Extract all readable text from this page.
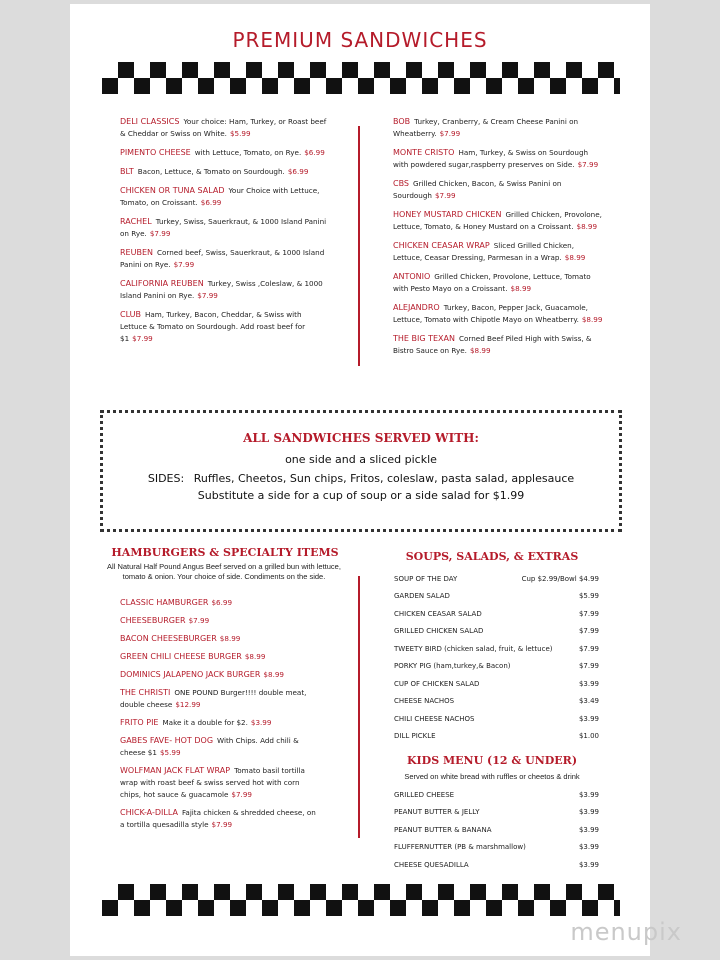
PREMIUM SANDWICHES
DELI CLASSICS Your choice: Ham, Turkey, or Roast beef & Cheddar or Swiss on White. $5.99
PIMENTO CHEESE with Lettuce, Tomato, on Rye. $6.99
BLT Bacon, Lettuce, & Tomato on Sourdough. $6.99
CHICKEN OR TUNA SALAD Your Choice with Lettuce, Tomato, on Croissant. $6.99
RACHEL Turkey, Swiss, Sauerkraut, & 1000 Island Panini on Rye. $7.99
REUBEN Corned beef, Swiss, Sauerkraut, & 1000 Island Panini on Rye. $7.99
CALIFORNIA REUBEN Turkey, Swiss ,Coleslaw, & 1000 Island Panini on Rye. $7.99
CLUB Ham, Turkey, Bacon, Cheddar, & Swiss with Lettuce & Tomato on Sourdough. Add roast beef for $1 $7.99
BOB Turkey, Cranberry, & Cream Cheese Panini on Wheatberry. $7.99
MONTE CRISTO Ham, Turkey, & Swiss on Sourdough with powdered sugar,raspberry preserves on Side. $7.99
CBS Grilled Chicken, Bacon, & Swiss Panini on Sourdough $7.99
HONEY MUSTARD CHICKEN Grilled Chicken, Provolone, Lettuce, Tomato, & Honey Mustard on a Croissant. $8.99
CHICKEN CEASAR WRAP Sliced Grilled Chicken, Lettuce, Ceasar Dressing, Parmesan in a Wrap. $8.99
ANTONIO Grilled Chicken, Provolone, Lettuce, Tomato with Pesto Mayo on a Croissant. $8.99
ALEJANDRO Turkey, Bacon, Pepper Jack, Guacamole, Lettuce, Tomato with Chipotle Mayo on Wheatberry. $8.99
THE BIG TEXAN Corned Beef Piled High with Swiss, & Bistro Sauce on Rye. $8.99
ALL SANDWICHES SERVED WITH:
one side and a sliced pickle
SIDES: Ruffles, Cheetos, Sun chips, Fritos, coleslaw, pasta salad, applesauce
Substitute a side for a cup of soup or a side salad for $1.99
HAMBURGERS & SPECIALTY ITEMS
All Natural Half Pound Angus Beef served on a grilled bun with lettuce, tomato & onion. Your choice of side. Condiments on the side.
CLASSIC HAMBURGER $6.99
CHEESEBURGER $7.99
BACON CHEESEBURGER $8.99
GREEN CHILI CHEESE BURGER $8.99
DOMINICS JALAPENO JACK BURGER $8.99
THE CHRISTI ONE POUND Burger!!!! double meat, double cheese $12.99
FRITO PIE Make it a double for $2. $3.99
GABES FAVE- HOT DOG With Chips. Add chili & cheese $1 $5.99
WOLFMAN JACK FLAT WRAP Tomato basil tortilla wrap with roast beef & swiss served hot with corn chips, hot sauce & guacamole $7.99
CHICK-A-DILLA Fajita chicken & shredded cheese, on a tortilla quesadilla style $7.99
SOUPS, SALADS, & EXTRAS
SOUP OF THE DAY	Cup $2.99/Bowl $4.99
GARDEN SALAD	$5.99
CHICKEN CEASAR SALAD	$7.99
GRILLED CHICKEN SALAD	$7.99
TWEETY BIRD (chicken salad, fruit, & lettuce)	$7.99
PORKY PIG (ham,turkey,& Bacon)	$7.99
CUP OF CHICKEN SALAD	$3.99
CHEESE NACHOS	$3.49
CHILI CHEESE NACHOS	$3.99
DILL PICKLE	$1.00
KIDS MENU (12 & UNDER)
Served on white bread with ruffles or cheetos & drink
GRILLED CHEESE	$3.99
PEANUT BUTTER & JELLY	$3.99
PEANUT BUTTER & BANANA	$3.99
FLUFFERNUTTER (PB & marshmallow)	$3.99
CHEESE QUESADILLA	$3.99
menupix
